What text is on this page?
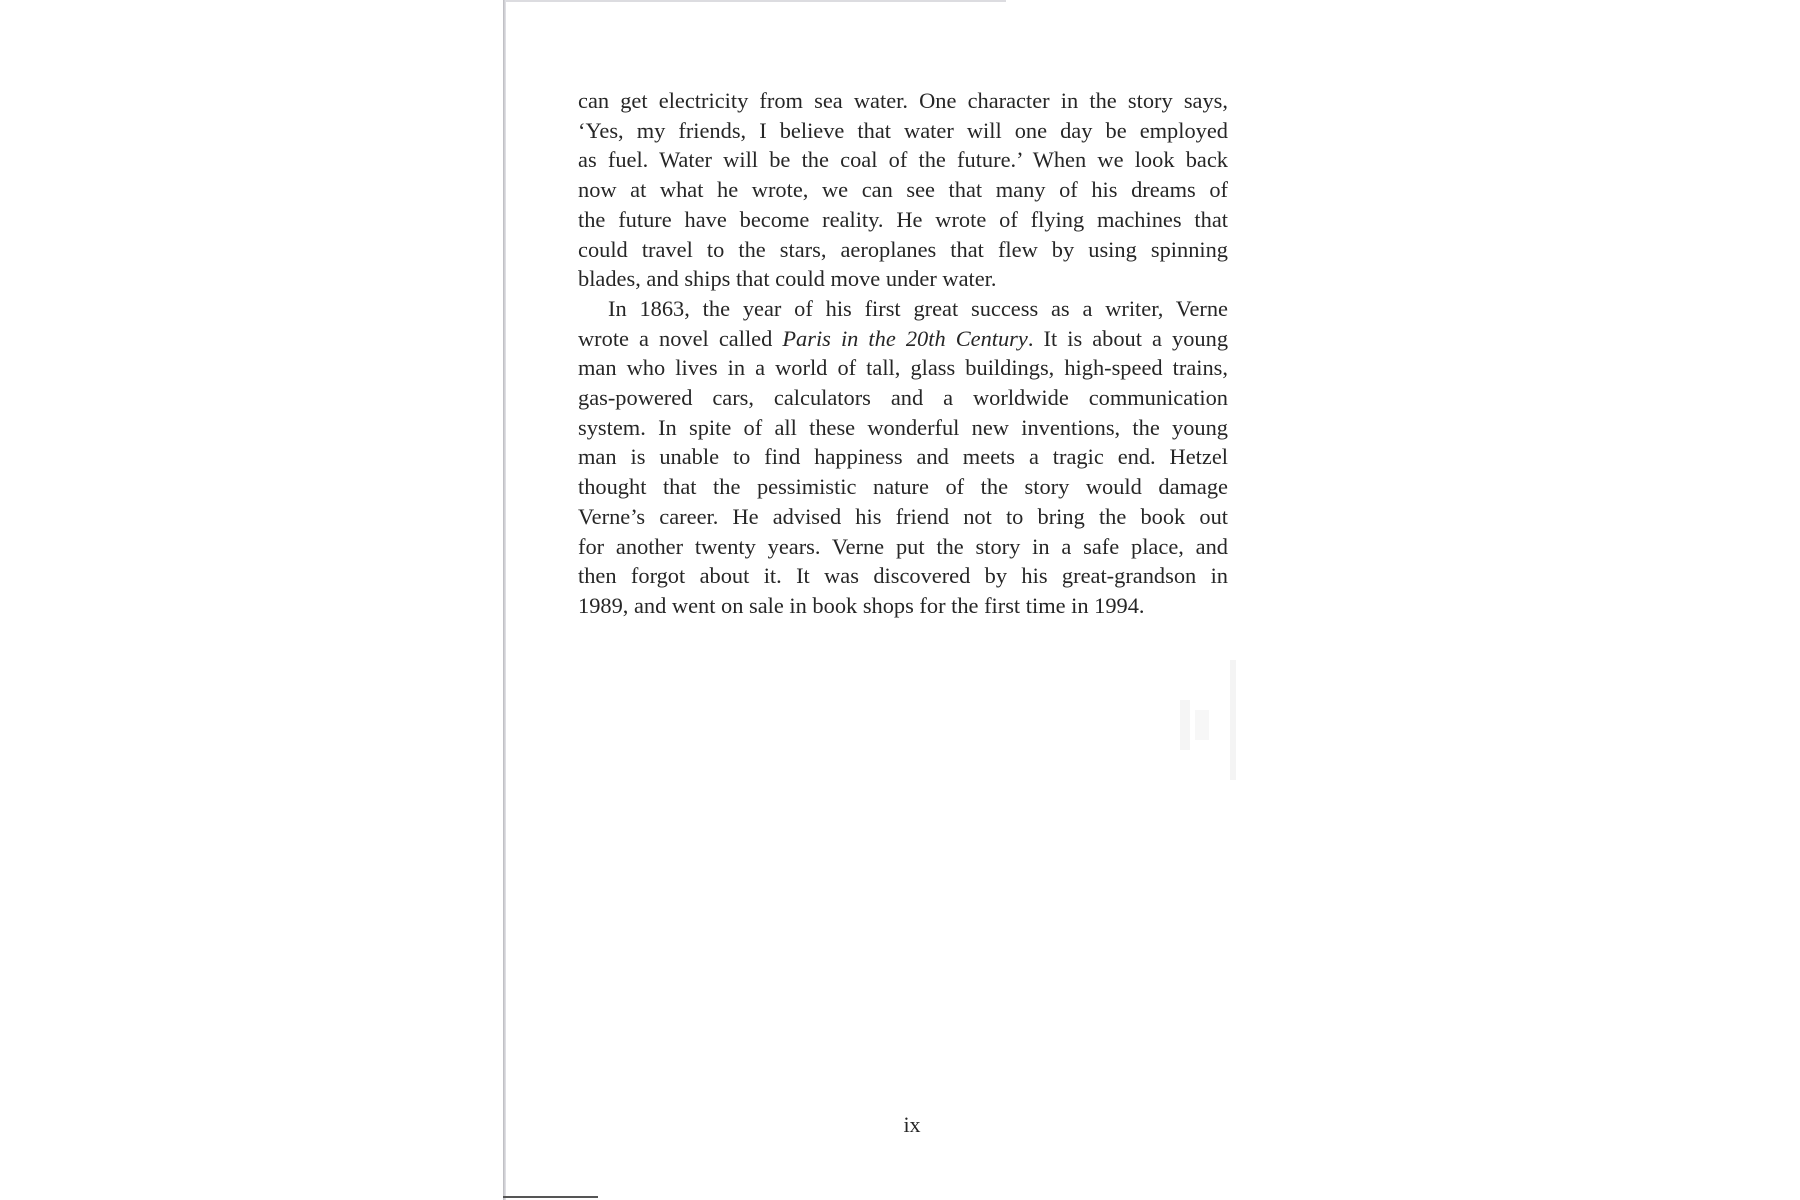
can get electricity from sea water. One character in the story says,
‘Yes, my friends, I believe that water will one day be employed
as fuel. Water will be the coal of the future.’ When we look back
now at what he wrote, we can see that many of his dreams of
the future have become reality. He wrote of flying machines that
could travel to the stars, aeroplanes that flew by using spinning
blades, and ships that could move under water.

In 1863, the year of his first great success as a writer, Verne
wrote a novel called Paris in the 20th Century. It is about a young
man who lives in a world of tall, glass buildings, high-speed trains,
gas-powered cars, calculators and a worldwide communication
system. In spite of all these wonderful new inventions, the young
man is unable to find happiness and meets a tragic end. Hetzel
thought that the pessimistic nature of the story would damage
Verne’s career. He advised his friend not to bring the book out
for another twenty years. Verne put the story in a safe place, and
then forgot about it. It was discovered by his great-grandson in
1989, and went on sale in book shops for the first time in 1994.

ix
